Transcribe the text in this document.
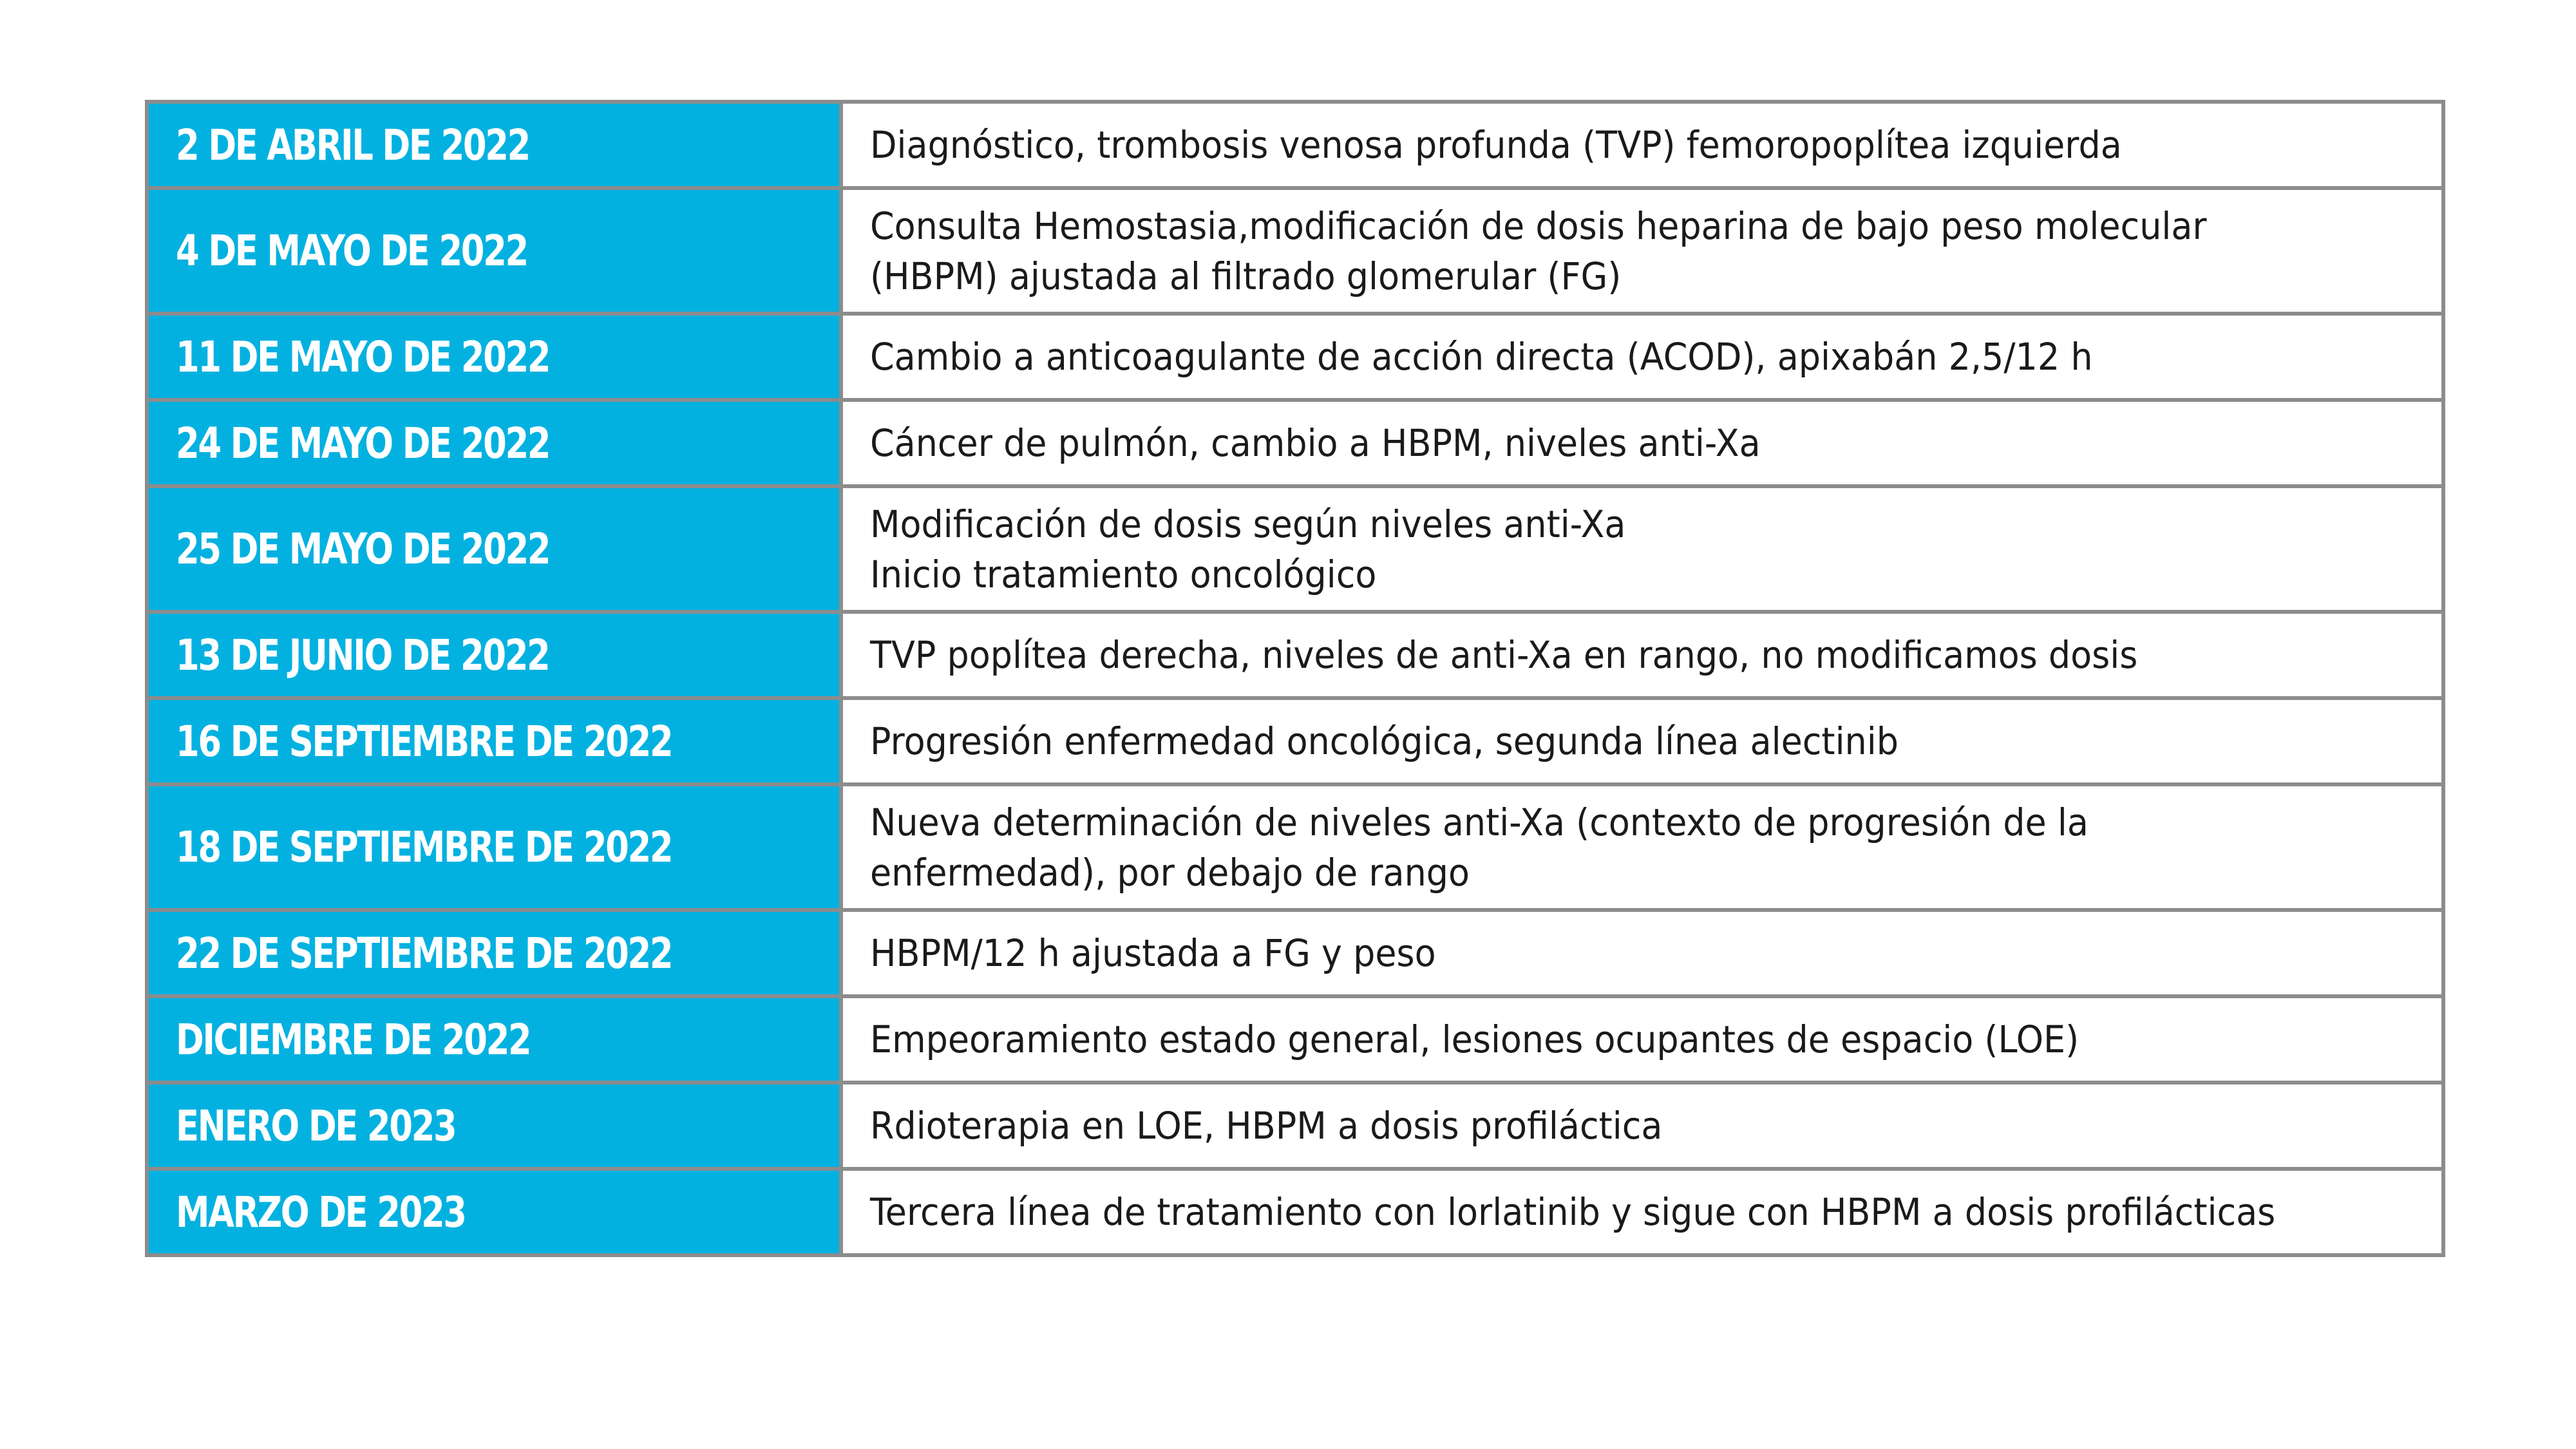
2 DE ABRIL DE 2022	Diagnóstico, trombosis venosa profunda (TVP) femoropoplítea izquierda
4 DE MAYO DE 2022	Consulta Hemostasia,modificación de dosis heparina de bajo peso molecular
(HBPM) ajustada al filtrado glomerular (FG)
11 DE MAYO DE 2022	Cambio a anticoagulante de acción directa (ACOD), apixabán 2,5/12 h
24 DE MAYO DE 2022	Cáncer de pulmón, cambio a HBPM, niveles anti-Xa
25 DE MAYO DE 2022	Modificación de dosis según niveles anti-Xa
Inicio tratamiento oncológico
13 DE JUNIO DE 2022	TVP poplítea derecha, niveles de anti-Xa en rango, no modificamos dosis
16 DE SEPTIEMBRE DE 2022	Progresión enfermedad oncológica, segunda línea alectinib
18 DE SEPTIEMBRE DE 2022	Nueva determinación de niveles anti-Xa (contexto de progresión de la
enfermedad), por debajo de rango
22 DE SEPTIEMBRE DE 2022	HBPM/12 h ajustada a FG y peso
DICIEMBRE DE 2022	Empeoramiento estado general, lesiones ocupantes de espacio (LOE)
ENERO DE 2023	Rdioterapia en LOE, HBPM a dosis profiláctica
MARZO DE 2023	Tercera línea de tratamiento con lorlatinib y sigue con HBPM a dosis profilácticas
